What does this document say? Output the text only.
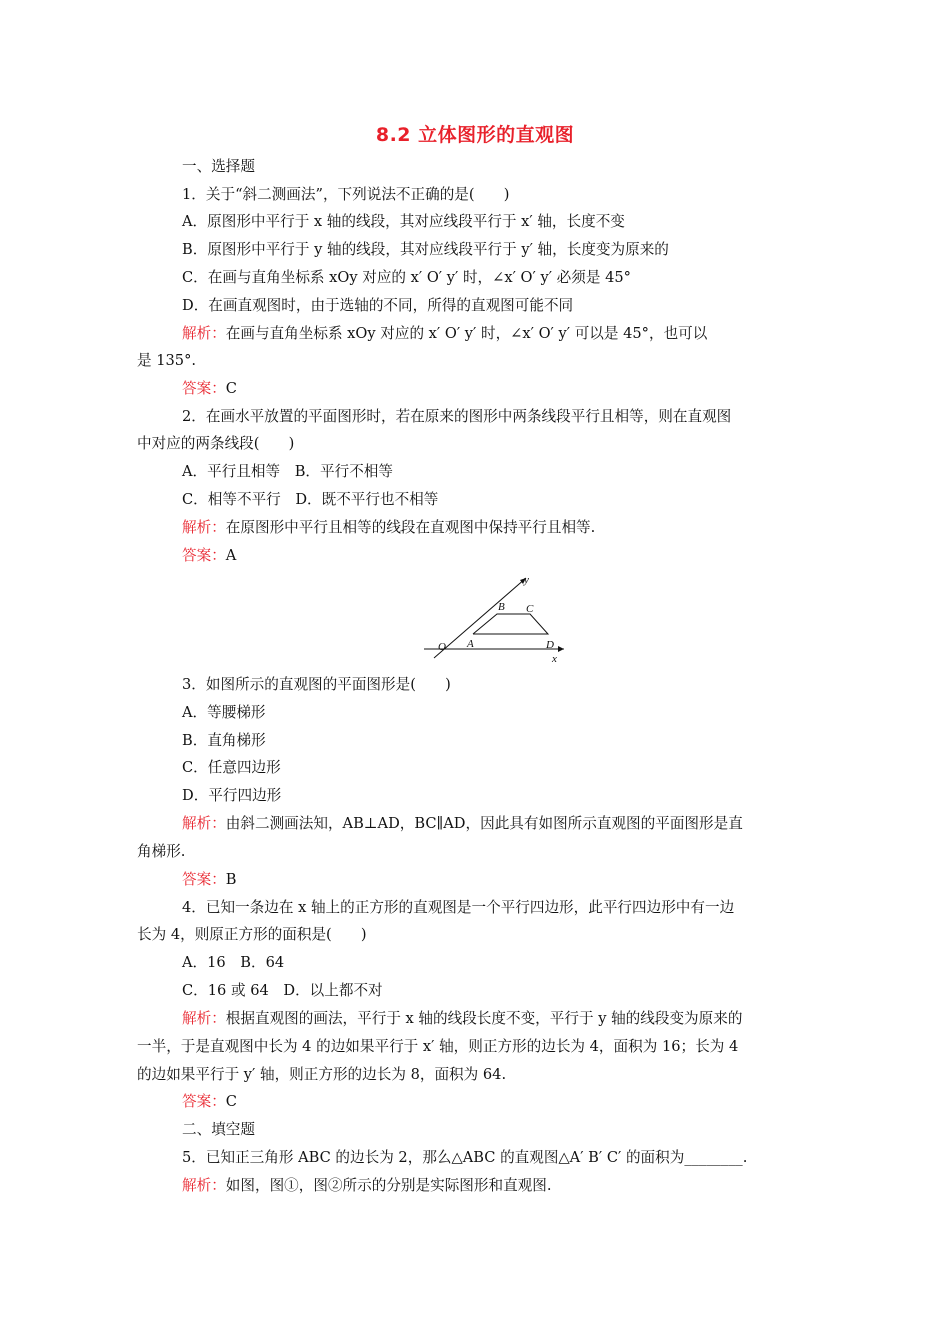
8.2 立体图形的直观图
一、选择题
1．关于“斜二测画法”，下列说法不正确的是(　　)
A．原图形中平行于 x 轴的线段，其对应线段平行于 x′ 轴，长度不变
B．原图形中平行于 y 轴的线段，其对应线段平行于 y′ 轴，长度变为原来的
C．在画与直角坐标系 xOy 对应的 x′ O′ y′ 时，∠x′ O′ y′ 必须是 45°
D．在画直观图时，由于选轴的不同，所得的直观图可能不同
解析：在画与直角坐标系 xOy 对应的 x′ O′ y′ 时，∠x′ O′ y′ 可以是 45°，也可以
是 135°.
答案：C
2．在画水平放置的平面图形时，若在原来的图形中两条线段平行且相等，则在直观图
中对应的两条线段(　　)
A．平行且相等　B．平行不相等
C．相等不平行　D．既不平行也不相等
解析：在原图形中平行且相等的线段在直观图中保持平行且相等.
答案：A
y
x
O A
B C
D
3．如图所示的直观图的平面图形是(　　)
A．等腰梯形
B．直角梯形
C．任意四边形
D．平行四边形
解析：由斜二测画法知，AB⊥AD，BC∥AD，因此具有如图所示直观图的平面图形是直
角梯形.
答案：B
4．已知一条边在 x 轴上的正方形的直观图是一个平行四边形，此平行四边形中有一边
长为 4，则原正方形的面积是(　　)
A．16　B．64
C．16 或 64　D．以上都不对
解析：根据直观图的画法，平行于 x 轴的线段长度不变，平行于 y 轴的线段变为原来的
一半，于是直观图中长为 4 的边如果平行于 x′ 轴，则正方形的边长为 4，面积为 16；长为 4
的边如果平行于 y′ 轴，则正方形的边长为 8，面积为 64.
答案：C
二、填空题
5．已知正三角形 ABC 的边长为 2，那么△ABC 的直观图△A′ B′ C′ 的面积为________.
解析：如图，图①，图②所示的分别是实际图形和直观图.
